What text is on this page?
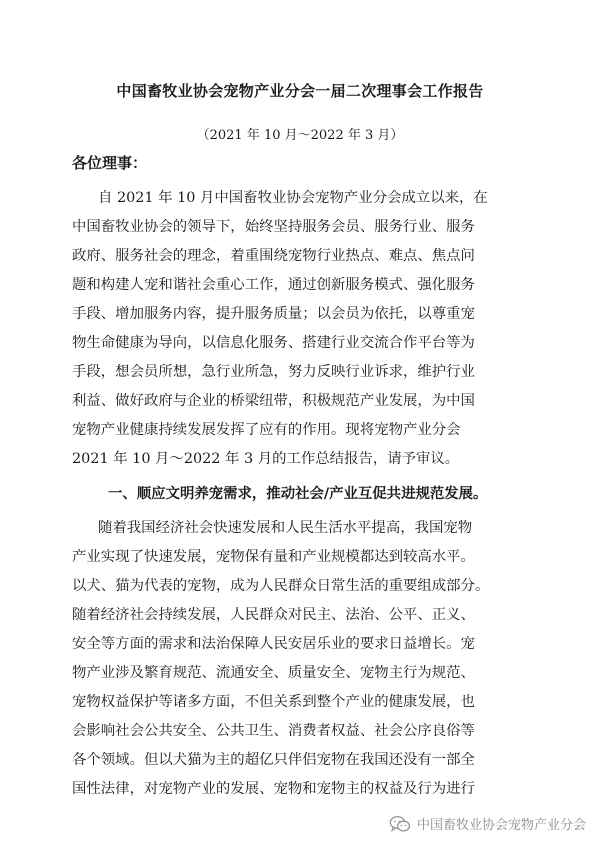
中国畜牧业协会宠物产业分会一届二次理事会工作报告
（2021 年 10 月～2022 年 3 月）
各位理事：
自 2021 年 10 月中国畜牧业协会宠物产业分会成立以来，在
中国畜牧业协会的领导下，始终坚持服务会员、服务行业、服务
政府、服务社会的理念，着重围绕宠物行业热点、难点、焦点问
题和构建人宠和谐社会重心工作，通过创新服务模式、强化服务
手段、增加服务内容，提升服务质量；以会员为依托，以尊重宠
物生命健康为导向，以信息化服务、搭建行业交流合作平台等为
手段，想会员所想，急行业所急，努力反映行业诉求，维护行业
利益、做好政府与企业的桥梁纽带，积极规范产业发展，为中国
宠物产业健康持续发展发挥了应有的作用。现将宠物产业分会
2021 年 10 月～2022 年 3 月的工作总结报告，请予审议。
一、顺应文明养宠需求，推动社会/产业互促共进规范发展。
随着我国经济社会快速发展和人民生活水平提高，我国宠物
产业实现了快速发展，宠物保有量和产业规模都达到较高水平。
以犬、猫为代表的宠物，成为人民群众日常生活的重要组成部分。
随着经济社会持续发展，人民群众对民主、法治、公平、正义、
安全等方面的需求和法治保障人民安居乐业的要求日益增长。宠
物产业涉及繁育规范、流通安全、质量安全、宠物主行为规范、
宠物权益保护等诸多方面，不但关系到整个产业的健康发展，也
会影响社会公共安全、公共卫生、消费者权益、社会公序良俗等
各个领域。但以犬猫为主的超亿只伴侣宠物在我国还没有一部全
国性法律，对宠物产业的发展、宠物和宠物主的权益及行为进行
中国畜牧业协会宠物产业分会
